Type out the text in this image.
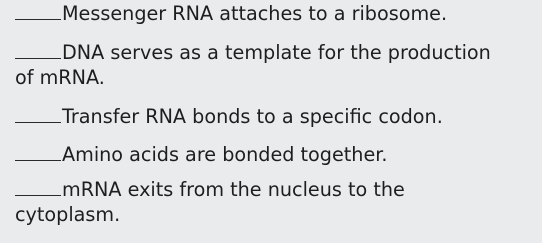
Messenger RNA attaches to a ribosome.
DNA serves as a template for the production
of mRNA.
Transfer RNA bonds to a specific codon.
Amino acids are bonded together.
mRNA exits from the nucleus to the
cytoplasm.
